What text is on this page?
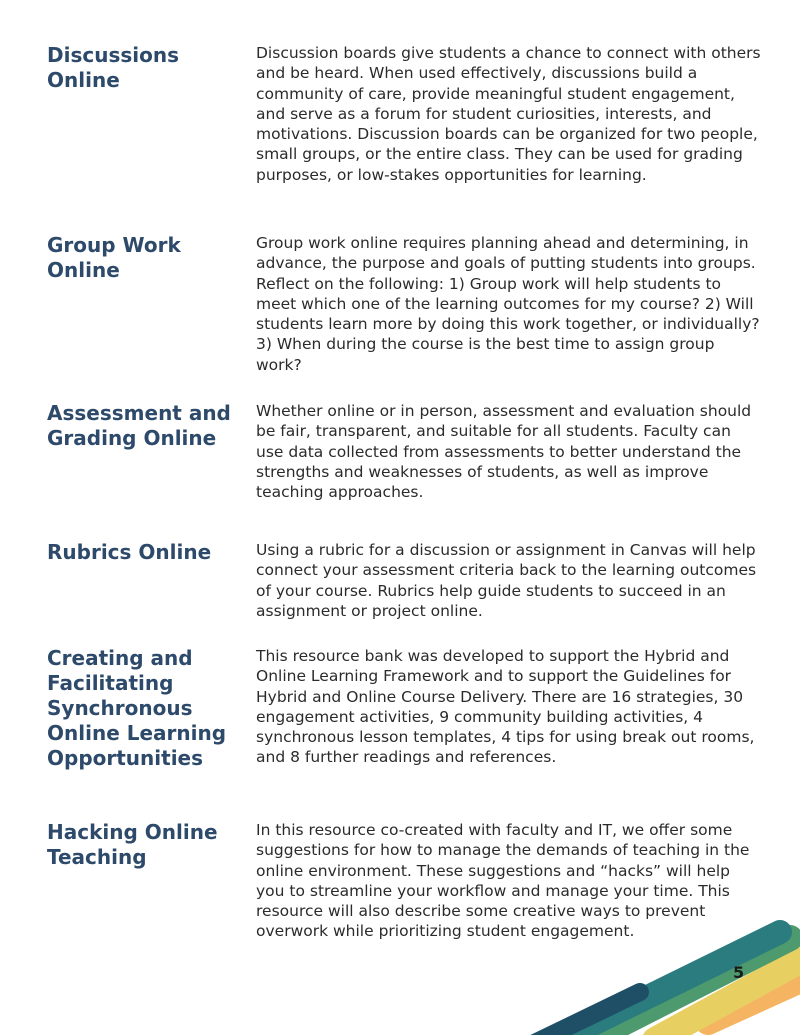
Discussions Online

Discussion boards give students a chance to connect with others and be heard. When used effectively, discussions build a community of care, provide meaningful student engagement, and serve as a forum for student curiosities, interests, and motivations. Discussion boards can be organized for two people, small groups, or the entire class. They can be used for grading purposes, or low-stakes opportunities for learning.

Group Work Online

Group work online requires planning ahead and determining, in advance, the purpose and goals of putting students into groups. Reflect on the following: 1) Group work will help students to meet which one of the learning outcomes for my course? 2) Will students learn more by doing this work together, or individually? 3) When during the course is the best time to assign group work?

Assessment and Grading Online

Whether online or in person, assessment and evaluation should be fair, transparent, and suitable for all students. Faculty can use data collected from assessments to better understand the strengths and weaknesses of students, as well as improve teaching approaches.

Rubrics Online	Using a rubric for a discussion or assignment in Canvas will help connect your assessment criteria back to the learning outcomes of your course. Rubrics help guide students to succeed in an assignment or project online.

Creating and Facilitating Synchronous Online Learning Opportunities

This resource bank was developed to support the Hybrid and Online Learning Framework and to support the Guidelines for Hybrid and Online Course Delivery. There are 16 strategies, 30 engagement activities, 9 community building activities, 4 synchronous lesson templates, 4 tips for using break out rooms, and 8 further readings and references.

Hacking Online Teaching

In this resource co-created with faculty and IT, we offer some suggestions for how to manage the demands of teaching in the online environment. These suggestions and “hacks” will help you to streamline your workflow and manage your time. This resource will also describe some creative ways to prevent overwork while prioritizing student engagement.

5
